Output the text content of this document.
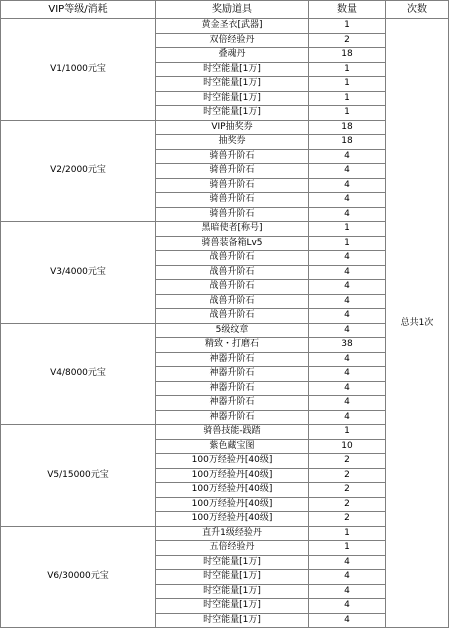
VIP等级/消耗	奖励道具	数量	次数
V1/1000元宝	黄金圣衣[武器]	1	总共1次
	双倍经验丹	2	
	叠魂丹	18	
	时空能量[1万]	1	
	时空能量[1万]	1	
	时空能量[1万]	1	
	时空能量[1万]	1	
V2/2000元宝	VIP抽奖券	18	
	抽奖券	18	
	骑兽升阶石	4	
	骑兽升阶石	4	
	骑兽升阶石	4	
	骑兽升阶石	4	
	骑兽升阶石	4	
V3/4000元宝	黑暗使者[称号]	1	
	骑兽装备箱Lv5	1	
	战兽升阶石	4	
	战兽升阶石	4	
	战兽升阶石	4	
	战兽升阶石	4	
	战兽升阶石	4	
V4/8000元宝	5级纹章	4	
	精致・打磨石	38	
	神器升阶石	4	
	神器升阶石	4	
	神器升阶石	4	
	神器升阶石	4	
	神器升阶石	4	
V5/15000元宝	骑兽技能-践踏	1	
	紫色藏宝图	10	
	100万经验丹[40级]	2	
	100万经验丹[40级]	2	
	100万经验丹[40级]	2	
	100万经验丹[40级]	2	
	100万经验丹[40级]	2	
V6/30000元宝	直升1级经验丹	1	
	五倍经验丹	1	
	时空能量[1万]	4	
	时空能量[1万]	4	
	时空能量[1万]	4	
	时空能量[1万]	4	
	时空能量[1万]	4	
